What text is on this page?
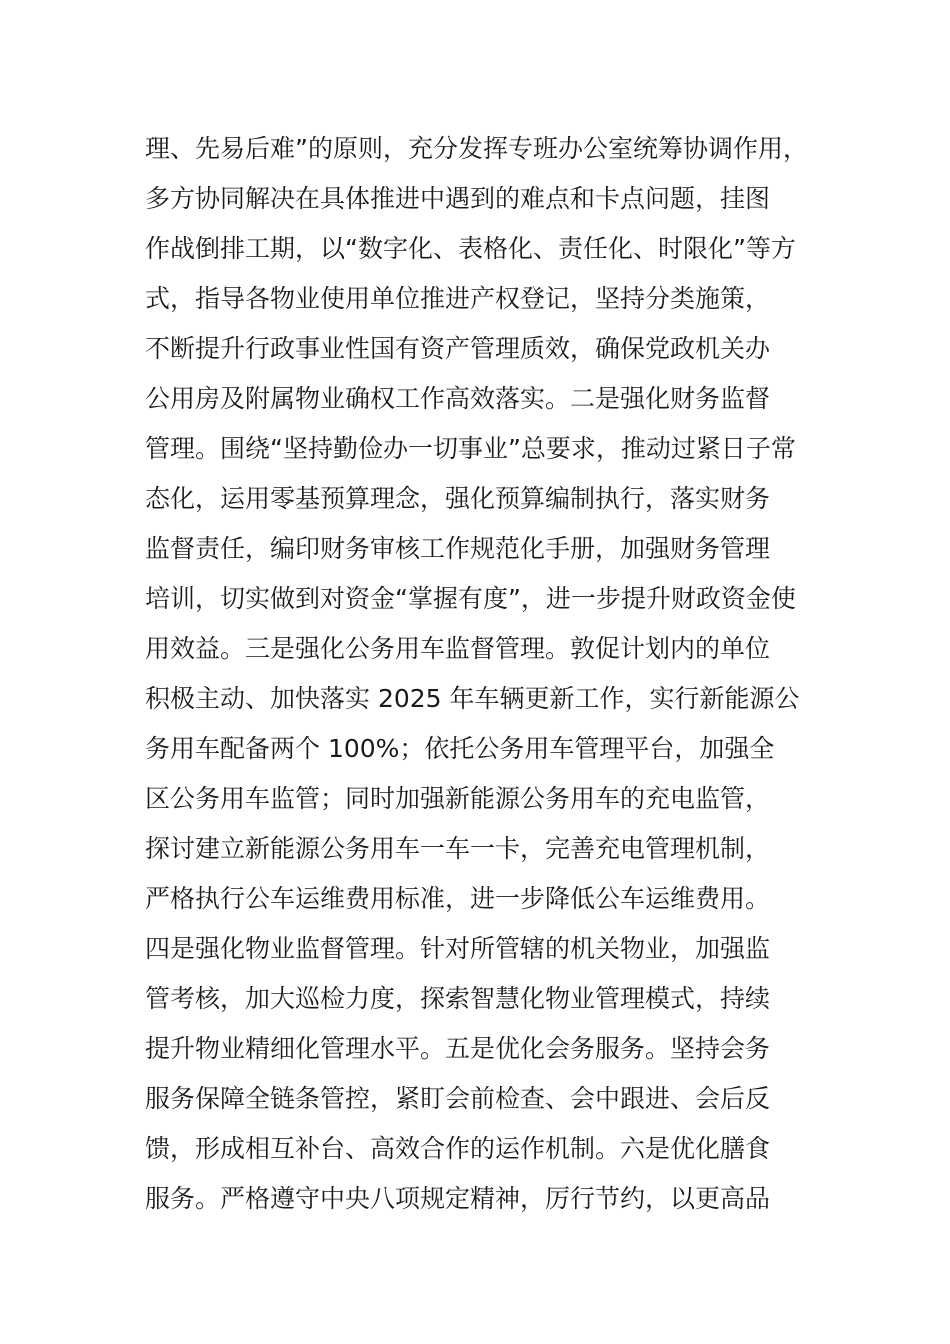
理、先易后难”的原则，充分发挥专班办公室统筹协调作用，
多方协同解决在具体推进中遇到的难点和卡点问题，挂图
作战倒排工期，以“数字化、表格化、责任化、时限化”等方
式，指导各物业使用单位推进产权登记，坚持分类施策，
不断提升行政事业性国有资产管理质效，确保党政机关办
公用房及附属物业确权工作高效落实。二是强化财务监督
管理。围绕“坚持勤俭办一切事业”总要求，推动过紧日子常
态化，运用零基预算理念，强化预算编制执行，落实财务
监督责任，编印财务审核工作规范化手册，加强财务管理
培训，切实做到对资金“掌握有度”，进一步提升财政资金使
用效益。三是强化公务用车监督管理。敦促计划内的单位
积极主动、加快落实 2025 年车辆更新工作，实行新能源公
务用车配备两个 100%；依托公务用车管理平台，加强全
区公务用车监管；同时加强新能源公务用车的充电监管，
探讨建立新能源公务用车一车一卡，完善充电管理机制，
严格执行公车运维费用标准，进一步降低公车运维费用。
四是强化物业监督管理。针对所管辖的机关物业，加强监
管考核，加大巡检力度，探索智慧化物业管理模式，持续
提升物业精细化管理水平。五是优化会务服务。坚持会务
服务保障全链条管控，紧盯会前检查、会中跟进、会后反
馈，形成相互补台、高效合作的运作机制。六是优化膳食
服务。严格遵守中央八项规定精神，厉行节约，以更高品
